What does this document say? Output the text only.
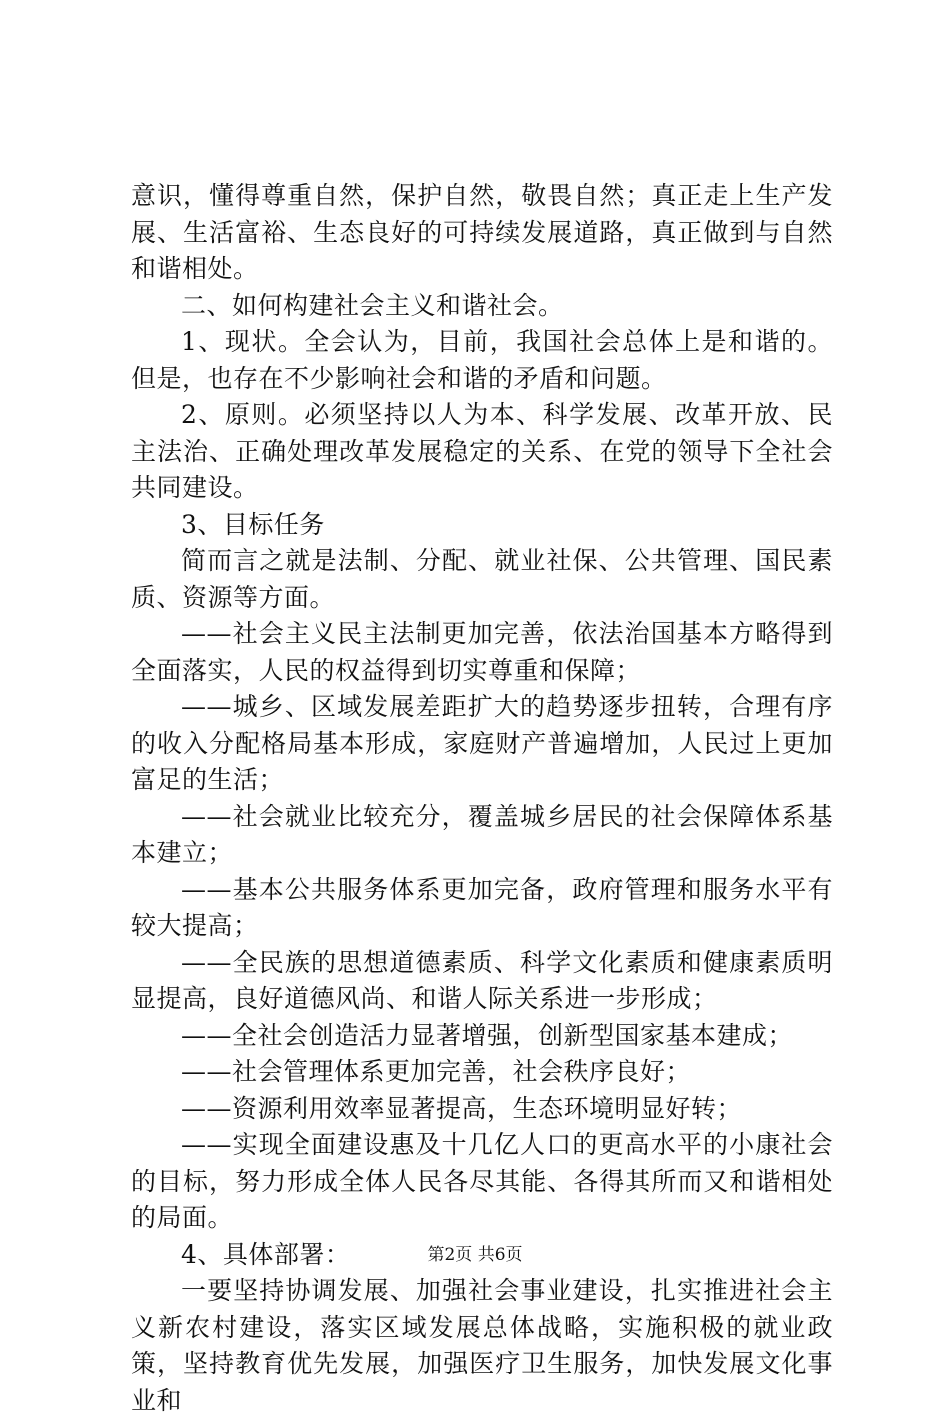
意识，懂得尊重自然，保护自然，敬畏自然；真正走上生产发展、生活富裕、生态良好的可持续发展道路，真正做到与自然和谐相处。

二、如何构建社会主义和谐社会。

1、现状。全会认为，目前，我国社会总体上是和谐的。但是，也存在不少影响社会和谐的矛盾和问题。

2、原则。必须坚持以人为本、科学发展、改革开放、民主法治、正确处理改革发展稳定的关系、在党的领导下全社会共同建设。

3、目标任务

简而言之就是法制、分配、就业社保、公共管理、国民素质、资源等方面。

——社会主义民主法制更加完善，依法治国基本方略得到全面落实，人民的权益得到切实尊重和保障；

——城乡、区域发展差距扩大的趋势逐步扭转，合理有序的收入分配格局基本形成，家庭财产普遍增加，人民过上更加富足的生活；

——社会就业比较充分，覆盖城乡居民的社会保障体系基本建立；

——基本公共服务体系更加完备，政府管理和服务水平有较大提高；

——全民族的思想道德素质、科学文化素质和健康素质明显提高，良好道德风尚、和谐人际关系进一步形成；

——全社会创造活力显著增强，创新型国家基本建成；

——社会管理体系更加完善，社会秩序良好；

——资源利用效率显著提高，生态环境明显好转；

——实现全面建设惠及十几亿人口的更高水平的小康社会的目标，努力形成全体人民各尽其能、各得其所而又和谐相处的局面。

4、具体部署：

一要坚持协调发展、加强社会事业建设，扎实推进社会主义新农村建设，落实区域发展总体战略，实施积极的就业政策，坚持教育优先发展，加强医疗卫生服务，加快发展文化事业和

第2页 共6页
